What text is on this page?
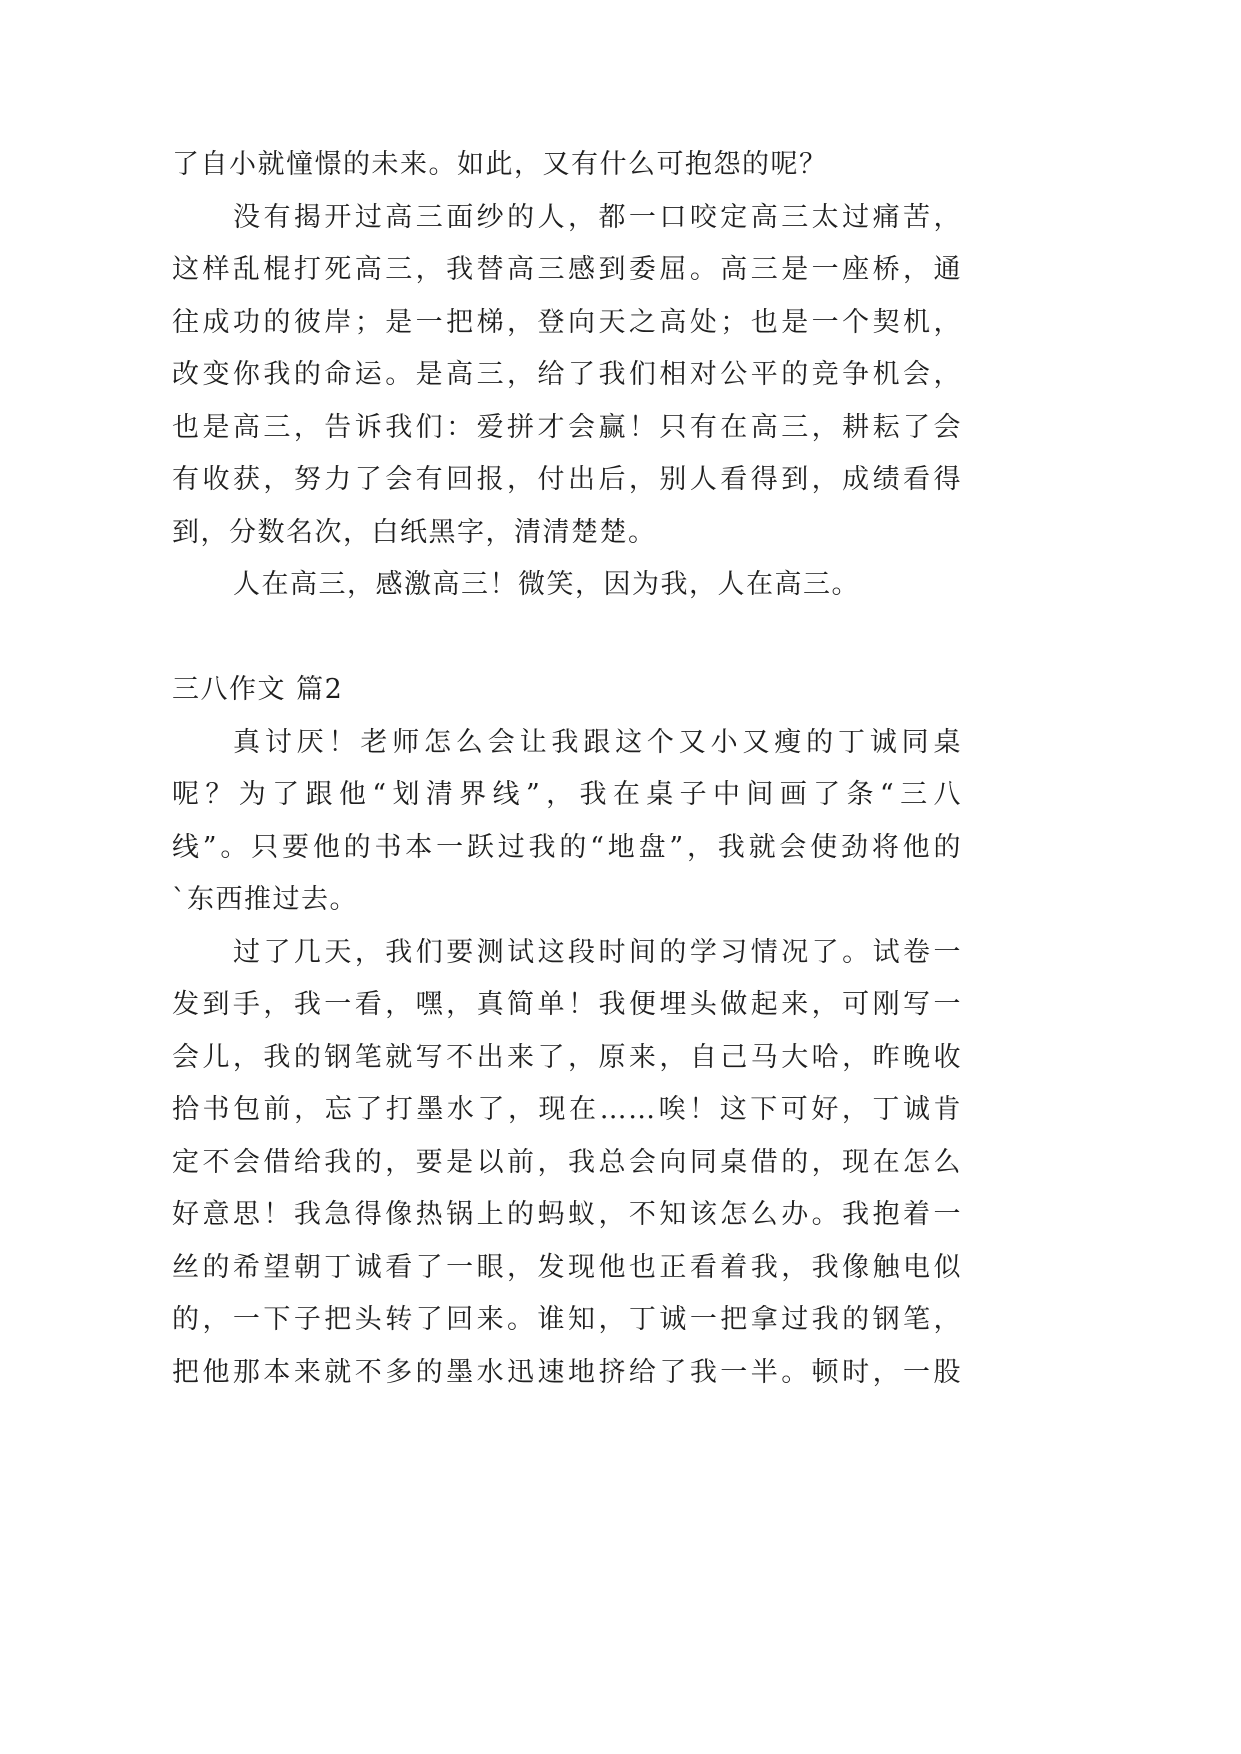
了自小就憧憬的未来。如此，又有什么可抱怨的呢？
没有揭开过高三面纱的人，都一口咬定高三太过痛苦，
这样乱棍打死高三，我替高三感到委屈。高三是一座桥，通
往成功的彼岸；是一把梯，登向天之高处；也是一个契机，
改变你我的命运。是高三，给了我们相对公平的竞争机会，
也是高三，告诉我们：爱拼才会赢！只有在高三，耕耘了会
有收获，努力了会有回报，付出后，别人看得到，成绩看得
到，分数名次，白纸黑字，清清楚楚。
人在高三，感激高三！微笑，因为我，人在高三。
三八作文 篇2
真讨厌！老师怎么会让我跟这个又小又瘦的丁诚同桌
呢？为了跟他“划清界线”，我在桌子中间画了条“三八
线”。只要他的书本一跃过我的“地盘”，我就会使劲将他的
`东西推过去。
过了几天，我们要测试这段时间的学习情况了。试卷一
发到手，我一看，嘿，真简单！我便埋头做起来，可刚写一
会儿，我的钢笔就写不出来了，原来，自己马大哈，昨晚收
拾书包前，忘了打墨水了，现在……唉！这下可好，丁诚肯
定不会借给我的，要是以前，我总会向同桌借的，现在怎么
好意思！我急得像热锅上的蚂蚁，不知该怎么办。我抱着一
丝的希望朝丁诚看了一眼，发现他也正看着我，我像触电似
的，一下子把头转了回来。谁知，丁诚一把拿过我的钢笔，
把他那本来就不多的墨水迅速地挤给了我一半。顿时，一股
